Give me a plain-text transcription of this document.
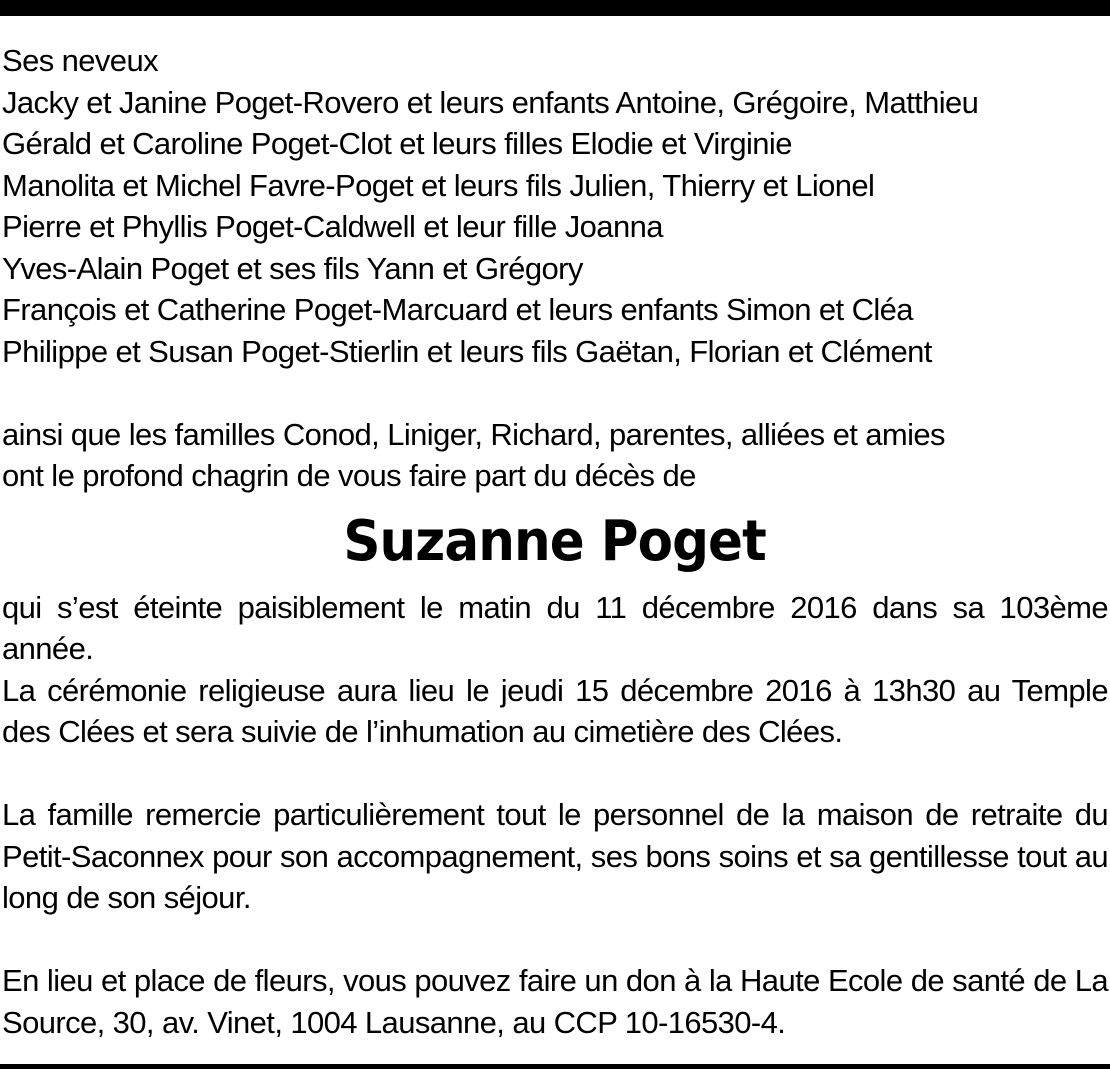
Ses neveux
Jacky et Janine Poget-Rovero et leurs enfants Antoine, Grégoire, Matthieu
Gérald et Caroline Poget-Clot et leurs filles Elodie et Virginie
Manolita et Michel Favre-Poget et leurs fils Julien, Thierry et Lionel
Pierre et Phyllis Poget-Caldwell et leur fille Joanna
Yves-Alain Poget et ses fils Yann et Grégory
François et Catherine Poget-Marcuard et leurs enfants Simon et Cléa
Philippe et Susan Poget-Stierlin et leurs fils Gaëtan, Florian et Clément
ainsi que les familles Conod, Liniger, Richard, parentes, alliées et amies
ont le profond chagrin de vous faire part du décès de
Suzanne Poget
qui s’est éteinte paisiblement le matin du 11 décembre 2016 dans sa 103ème année.
La cérémonie religieuse aura lieu le jeudi 15 décembre 2016 à 13h30 au Temple des Clées et sera suivie de l’inhumation au cimetière des Clées.
La famille remercie particulièrement tout le personnel de la maison de retraite du Petit-Saconnex pour son accompagnement, ses bons soins et sa gentillesse tout au long de son séjour.
En lieu et place de fleurs, vous pouvez faire un don à la Haute Ecole de santé de La Source, 30, av. Vinet, 1004 Lausanne, au CCP 10-16530-4.
